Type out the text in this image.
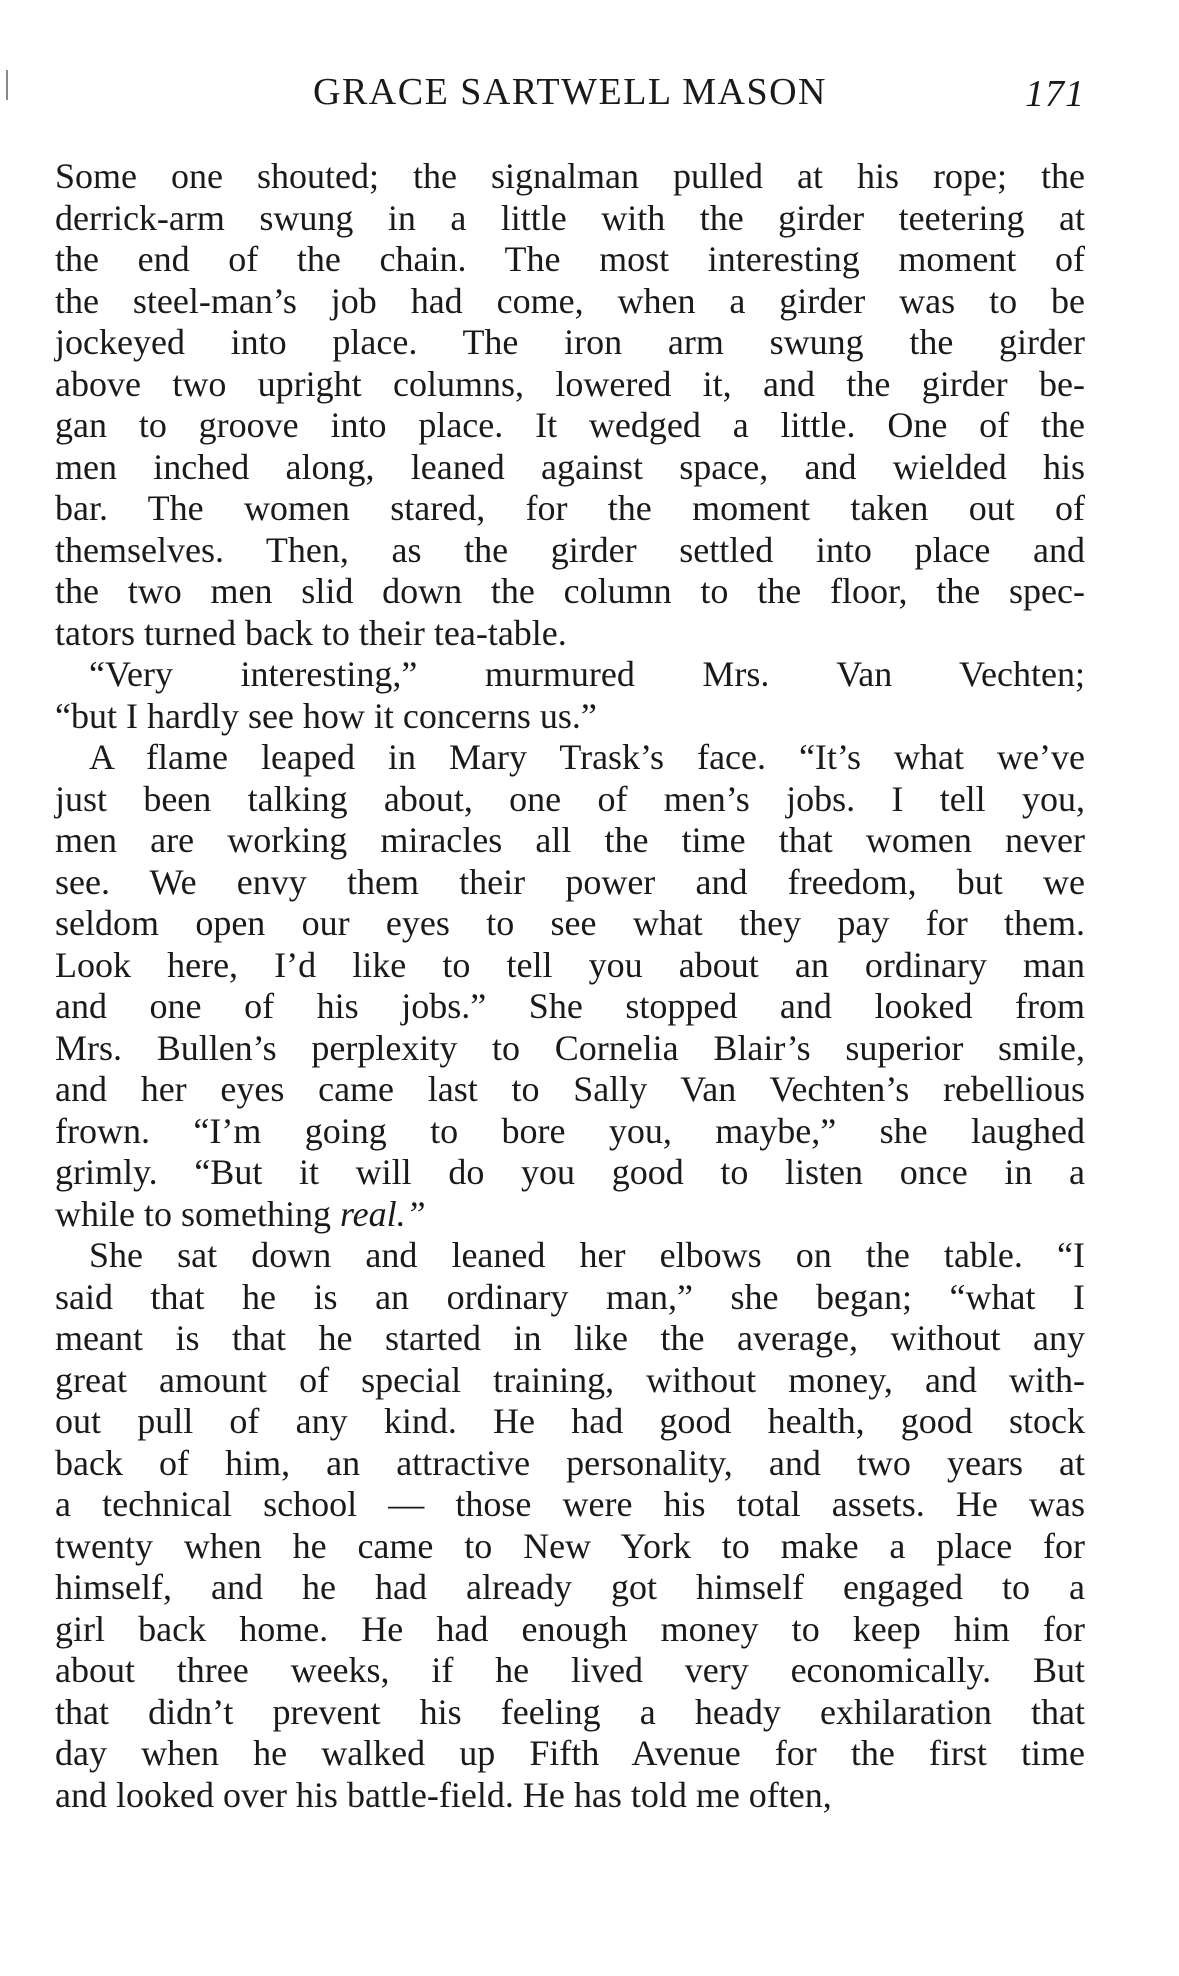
GRACE SARTWELL MASON	171
Some one shouted; the signalman pulled at his rope; the
derrick-arm swung in a little with the girder teetering at
the end of the chain. The most interesting moment of
the steel-man’s job had come, when a girder was to be
jockeyed into place. The iron arm swung the girder
above two upright columns, lowered it, and the girder be-
gan to groove into place. It wedged a little. One of the
men inched along, leaned against space, and wielded his
bar. The women stared, for the moment taken out of
themselves. Then, as the girder settled into place and
the two men slid down the column to the floor, the spec-
tators turned back to their tea-table.
“Very interesting,” murmured Mrs. Van Vechten;
“but I hardly see how it concerns us.”
A flame leaped in Mary Trask’s face. “It’s what we’ve
just been talking about, one of men’s jobs. I tell you,
men are working miracles all the time that women never
see. We envy them their power and freedom, but we
seldom open our eyes to see what they pay for them.
Look here, I’d like to tell you about an ordinary man
and one of his jobs.” She stopped and looked from
Mrs. Bullen’s perplexity to Cornelia Blair’s superior smile,
and her eyes came last to Sally Van Vechten’s rebellious
frown. “I’m going to bore you, maybe,” she laughed
grimly. “But it will do you good to listen once in a
while to something real.”
She sat down and leaned her elbows on the table. “I
said that he is an ordinary man,” she began; “what I
meant is that he started in like the average, without any
great amount of special training, without money, and with-
out pull of any kind. He had good health, good stock
back of him, an attractive personality, and two years at
a technical school — those were his total assets. He was
twenty when he came to New York to make a place for
himself, and he had already got himself engaged to a
girl back home. He had enough money to keep him for
about three weeks, if he lived very economically. But
that didn’t prevent his feeling a heady exhilaration that
day when he walked up Fifth Avenue for the first time
and looked over his battle-field. He has told me often,
